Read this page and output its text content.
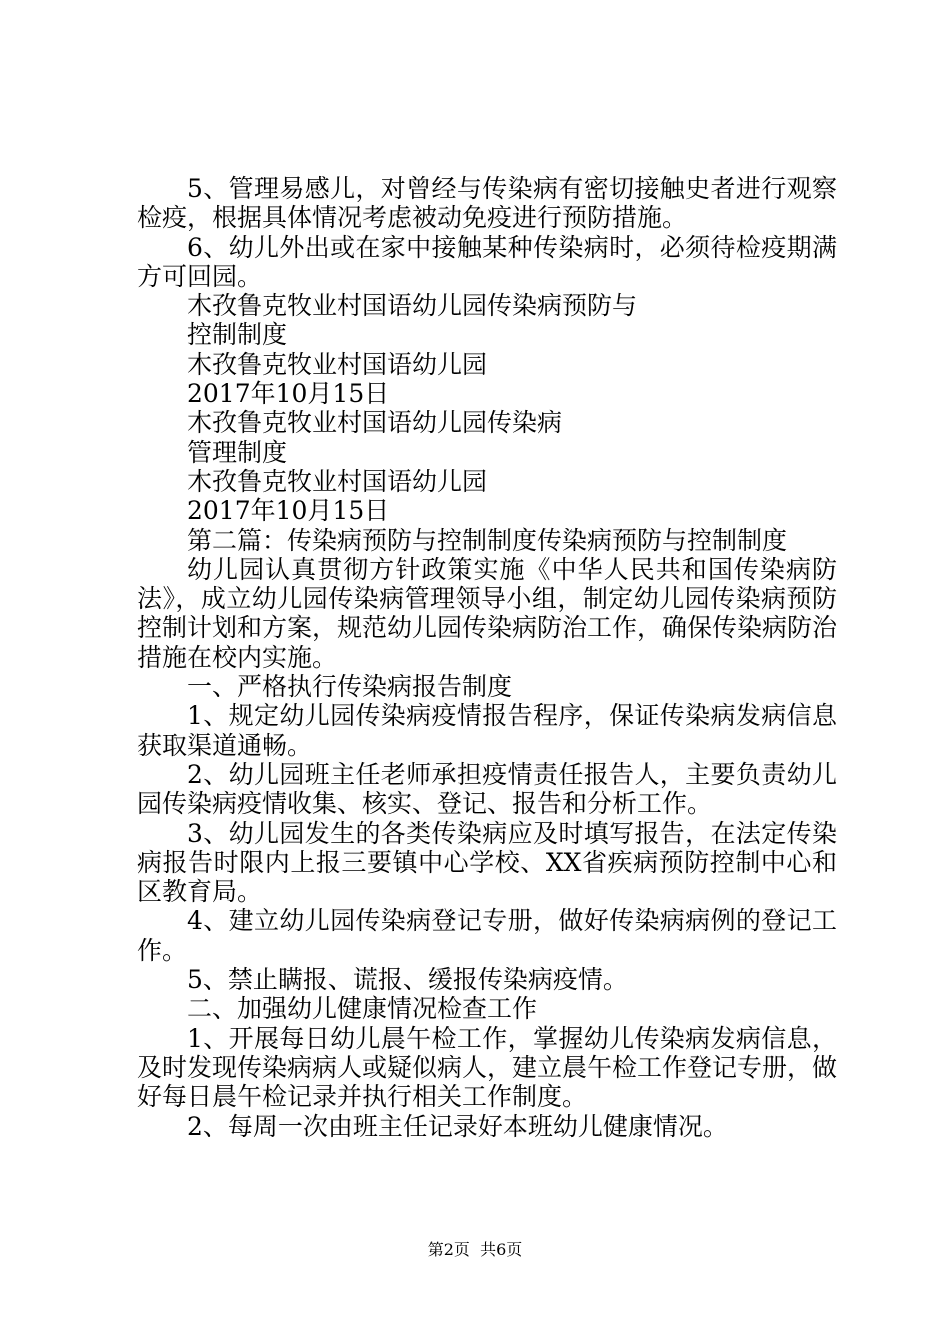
5、管理易感儿，对曾经与传染病有密切接触史者进行观察检疫，根据具体情况考虑被动免疫进行预防措施。

6、幼儿外出或在家中接触某种传染病时，必须待检疫期满方可回园。

木孜鲁克牧业村国语幼儿园传染病预防与

控制制度

木孜鲁克牧业村国语幼儿园

2017年10月15日

木孜鲁克牧业村国语幼儿园传染病

管理制度

木孜鲁克牧业村国语幼儿园

2017年10月15日

第二篇：传染病预防与控制制度传染病预防与控制制度

幼儿园认真贯彻方针政策实施《中华人民共和国传染病防法》，成立幼儿园传染病管理领导小组，制定幼儿园传染病预防控制计划和方案，规范幼儿园传染病防治工作，确保传染病防治措施在校内实施。

一、严格执行传染病报告制度

1、规定幼儿园传染病疫情报告程序，保证传染病发病信息获取渠道通畅。

2、幼儿园班主任老师承担疫情责任报告人，主要负责幼儿园传染病疫情收集、核实、登记、报告和分析工作。

3、幼儿园发生的各类传染病应及时填写报告，在法定传染病报告时限内上报三要镇中心学校、XX省疾病预防控制中心和区教育局。

4、建立幼儿园传染病登记专册，做好传染病病例的登记工作。

5、禁止瞒报、谎报、缓报传染病疫情。

二、加强幼儿健康情况检查工作

1、开展每日幼儿晨午检工作，掌握幼儿传染病发病信息，及时发现传染病病人或疑似病人，建立晨午检工作登记专册，做好每日晨午检记录并执行相关工作制度。

2、每周一次由班主任记录好本班幼儿健康情况。

第2页 共6页
